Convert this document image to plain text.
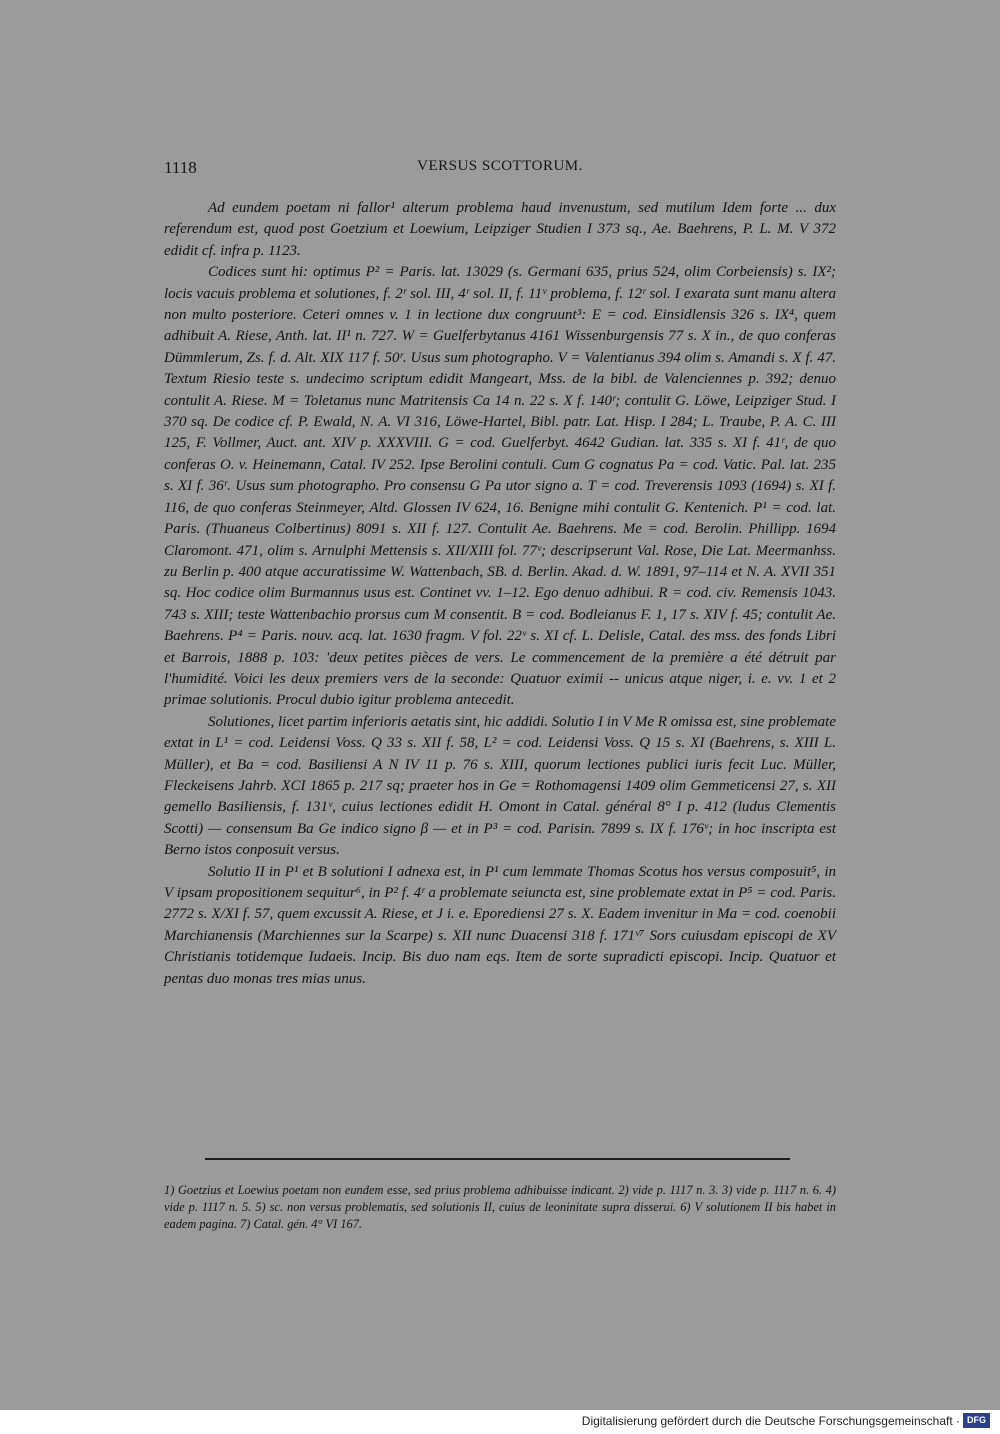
1118	VERSUS SCOTTORUM.

Ad eundem poetam ni fallor¹ alterum problema haud invenustum, sed mutilum Idem forte ... dux referendum est, quod post Goetzium et Loewium, Leipziger Studien I 373 sq., Ae. Baehrens, P. L. M. V 372 edidit cf. infra p. 1123.

Codices sunt hi: optimus P² = Paris. lat. 13029 (s. Germani 635, prius 524, olim Corbeiensis) s. IX²; locis vacuis problema et solutiones, f. 2ʳ sol. III, 4ʳ sol. II, f. 11ᵛ problema, f. 12ʳ sol. I exarata sunt manu altera non multo posteriore. Ceteri omnes v. 1 in lectione dux congruunt³: E = cod. Einsidlensis 326 s. IX⁴, quem adhibuit A. Riese, Anth. lat. II¹ n. 727. W = Guelferbytanus 4161 Wissenburgensis 77 s. X in., de quo conferas Dümmlerum, Zs. f. d. Alt. XIX 117 f. 50ʳ. Usus sum photographo. V = Valentianus 394 olim s. Amandi s. X f. 47. Textum Riesio teste s. undecimo scriptum edidit Mangeart, Mss. de la bibl. de Valenciennes p. 392; denuo contulit A. Riese. M = Toletanus nunc Matritensis Ca 14 n. 22 s. X f. 140ʳ; contulit G. Löwe, Leipziger Stud. I 370 sq. De codice cf. P. Ewald, N. A. VI 316, Löwe-Hartel, Bibl. patr. Lat. Hisp. I 284; L. Traube, P. A. C. III 125, F. Vollmer, Auct. ant. XIV p. XXXVIII. G = cod. Guelferbyt. 4642 Gudian. lat. 335 s. XI f. 41ʳ, de quo conferas O. v. Heinemann, Catal. IV 252. Ipse Berolini contuli. Cum G cognatus Pa = cod. Vatic. Pal. lat. 235 s. XI f. 36ʳ. Usus sum photographo. Pro consensu G Pa utor signo a. T = cod. Treverensis 1093 (1694) s. XI f. 116, de quo conferas Steinmeyer, Altd. Glossen IV 624, 16. Benigne mihi contulit G. Kentenich. P¹ = cod. lat. Paris. (Thuaneus Colbertinus) 8091 s. XII f. 127. Contulit Ae. Baehrens. Me = cod. Berolin. Phillipp. 1694 Claromont. 471, olim s. Arnulphi Mettensis s. XII/XIII fol. 77ᵛ; descripserunt Val. Rose, Die Lat. Meermanhss. zu Berlin p. 400 atque accuratissime W. Wattenbach, SB. d. Berlin. Akad. d. W. 1891, 97–114 et N. A. XVII 351 sq. Hoc codice olim Burmannus usus est. Continet vv. 1–12. Ego denuo adhibui. R = cod. civ. Remensis 1043. 743 s. XIII; teste Wattenbachio prorsus cum M consentit. B = cod. Bodleianus F. 1, 17 s. XIV f. 45; contulit Ae. Baehrens. P⁴ = Paris. nouv. acq. lat. 1630 fragm. V fol. 22ᵛ s. XI cf. L. Delisle, Catal. des mss. des fonds Libri et Barrois, 1888 p. 103: 'deux petites pièces de vers. Le commencement de la première a été détruit par l'humidité. Voici les deux premiers vers de la seconde: Quatuor eximii -- unicus atque niger, i. e. vv. 1 et 2 primae solutionis. Procul dubio igitur problema antecedit.

Solutiones, licet partim inferioris aetatis sint, hic addidi. Solutio I in V Me R omissa est, sine problemate extat in L¹ = cod. Leidensi Voss. Q 33 s. XII f. 58, L² = cod. Leidensi Voss. Q 15 s. XI (Baehrens, s. XIII L. Müller), et Ba = cod. Basiliensi A N IV 11 p. 76 s. XIII, quorum lectiones publici iuris fecit Luc. Müller, Fleckeisens Jahrb. XCI 1865 p. 217 sq; praeter hos in Ge = Rothomagensi 1409 olim Gemmeticensi 27, s. XII gemello Basiliensis, f. 131ᵛ, cuius lectiones edidit H. Omont in Catal. général 8° I p. 412 (ludus Clementis Scotti) — consensum Ba Ge indico signo β — et in P³ = cod. Parisin. 7899 s. IX f. 176ᵛ; in hoc inscripta est Berno istos conposuit versus.

Solutio II in P¹ et B solutioni I adnexa est, in P¹ cum lemmate Thomas Scotus hos versus composuit⁵, in V ipsam propositionem sequitur⁶, in P² f. 4ʳ a problemate seiuncta est, sine problemate extat in P⁵ = cod. Paris. 2772 s. X/XI f. 57, quem excussit A. Riese, et J i. e. Eporediensi 27 s. X. Eadem invenitur in Ma = cod. coenobii Marchianensis (Marchiennes sur la Scarpe) s. XII nunc Duacensi 318 f. 171ᵛ⁷ Sors cuiusdam episcopi de XV Christianis totidemque Iudaeis. Incip. Bis duo nam eqs. Item de sorte supradicti episcopi. Incip. Quatuor et pentas duo monas tres mias unus.

1) Goetzius et Loewius poetam non eundem esse, sed prius problema adhibuisse indicant. 2) vide p. 1117 n. 3. 3) vide p. 1117 n. 6. 4) vide p. 1117 n. 5. 5) sc. non versus problematis, sed solutionis II, cuius de leoninitate supra disserui. 6) V solutionem II bis habet in eadem pagina. 7) Catal. gén. 4° VI 167.

Digitalisierung gefördert durch die Deutsche Forschungsgemeinschaft · DFG
